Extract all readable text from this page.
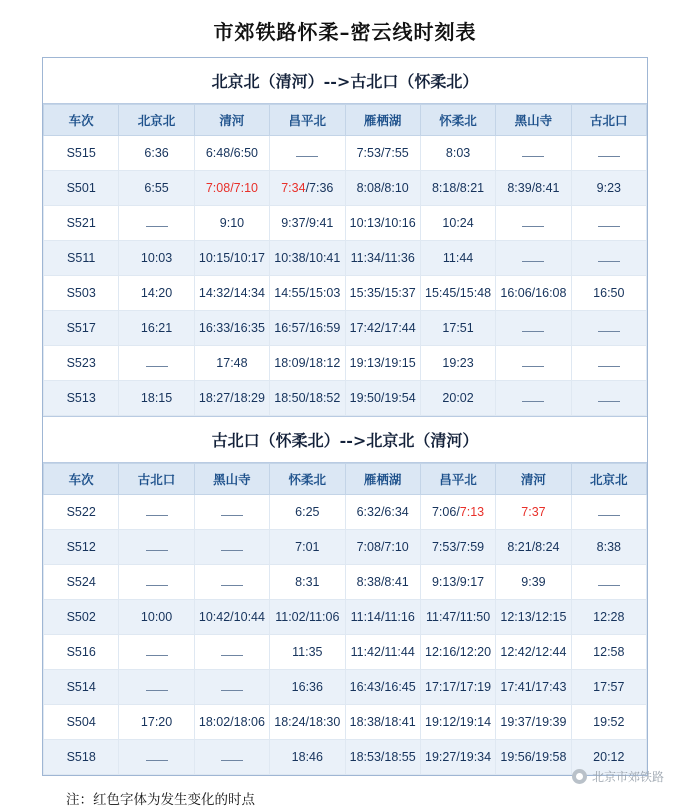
市郊铁路怀柔–密云线时刻表
北京北（清河）-->古北口（怀柔北）
车次	北京北	清河	昌平北	雁栖湖	怀柔北	黑山寺	古北口
S515	6:36	6:48/6:50		7:53/7:55	8:03		
S501	6:55	7:08/7:10	7:34/7:36	8:08/8:10	8:18/8:21	8:39/8:41	9:23
S521		9:10	9:37/9:41	10:13/10:16	10:24		
S511	10:03	10:15/10:17	10:38/10:41	11:34/11:36	11:44		
S503	14:20	14:32/14:34	14:55/15:03	15:35/15:37	15:45/15:48	16:06/16:08	16:50
S517	16:21	16:33/16:35	16:57/16:59	17:42/17:44	17:51		
S523		17:48	18:09/18:12	19:13/19:15	19:23		
S513	18:15	18:27/18:29	18:50/18:52	19:50/19:54	20:02		
古北口（怀柔北）-->北京北（清河）
车次	古北口	黑山寺	怀柔北	雁栖湖	昌平北	清河	北京北
S522			6:25	6:32/6:34	7:06/7:13	7:37	
S512			7:01	7:08/7:10	7:53/7:59	8:21/8:24	8:38
S524			8:31	8:38/8:41	9:13/9:17	9:39	
S502	10:00	10:42/10:44	11:02/11:06	11:14/11:16	11:47/11:50	12:13/12:15	12:28
S516			11:35	11:42/11:44	12:16/12:20	12:42/12:44	12:58
S514			16:36	16:43/16:45	17:17/17:19	17:41/17:43	17:57
S504	17:20	18:02/18:06	18:24/18:30	18:38/18:41	19:12/19:14	19:37/19:39	19:52
S518			18:46	18:53/18:55	19:27/19:34	19:56/19:58	20:12
注：红色字体为发生变化的时点
北京市郊铁路
